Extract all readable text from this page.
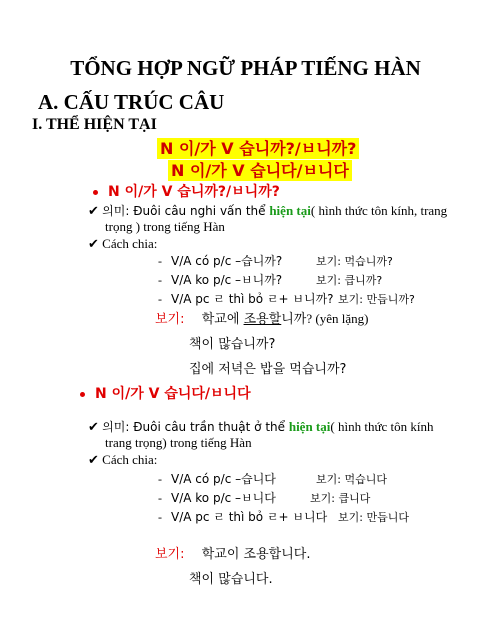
TỔNG HỢP NGỮ PHÁP TIẾNG HÀN
A. CẤU TRÚC CÂU
I. THỂ HIỆN TẠI
N 이/가 V 습니까?/ㅂ니까?
N 이/가 V 습니다/ㅂ니다
N 이/가 V 습니까?/ㅂ니까?
✔ 의미: Đuôi câu nghi vấn thể hiện tại( hình thức tôn kính, trang
trọng ) trong tiếng Hàn
✔ Cách chia:
-   V/A có p/c –습니까?	보기: 먹습니까?
-   V/A ko p/c –ㅂ니까?	보기: 큽니까?
-   V/A pc ㄹ thì bỏ ㄹ+ ㅂ니까? 보기: 만듭니까?
보기: 학교에 조용할니까? (yên lặng)
책이 많습니까?
집에 저녁은 밥을 먹습니까?
N 이/가 V 습니다/ㅂ니다
✔ 의미: Đuôi câu trần thuật ở thể hiện tại( hình thức tôn kính
trang trọng) trong tiếng Hàn
✔ Cách chia:
-   V/A có p/c –습니다	보기: 먹습니다
-   V/A ko p/c –ㅂ니다	보기: 큽니다
-   V/A pc ㄹ thì bỏ ㄹ+ ㅂ니다 보기: 만듭니다
보기: 학교이 조용합니다.
책이 많습니다.
